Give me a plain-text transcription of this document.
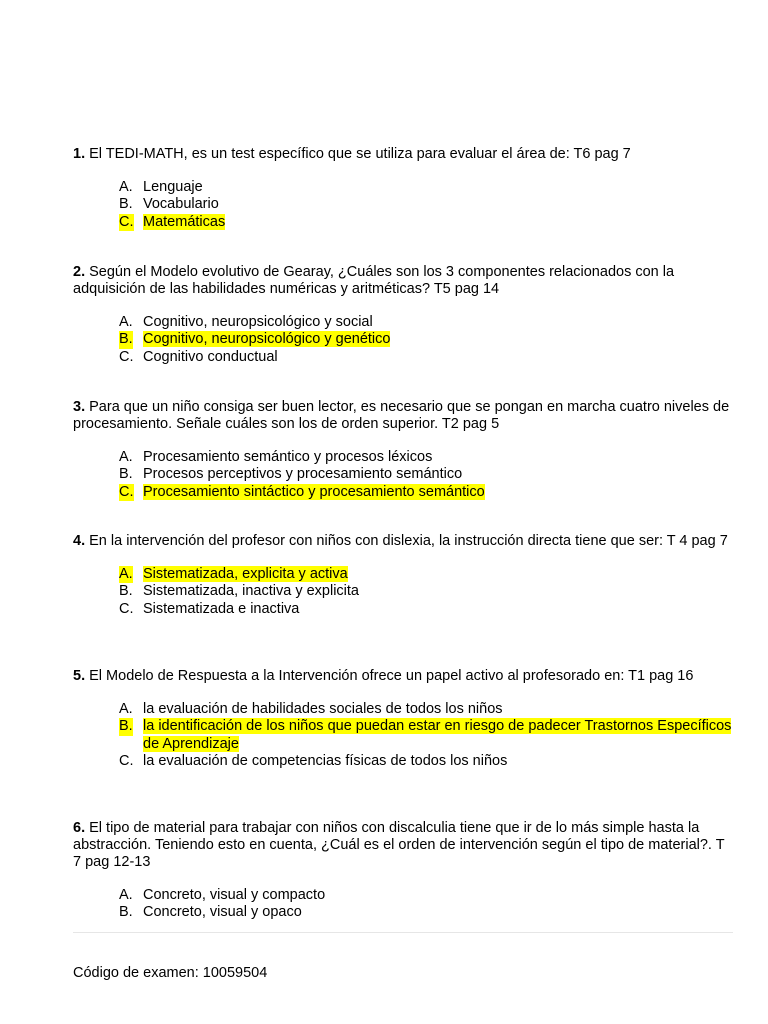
1. El TEDI-MATH, es un test específico que se utiliza para evaluar el área de: T6 pag 7

A. Lenguaje
B. Vocabulario
C. Matemáticas

2. Según el Modelo evolutivo de Gearay, ¿Cuáles son los 3 componentes relacionados con la adquisición de las habilidades numéricas y aritméticas? T5 pag 14

A. Cognitivo, neuropsicológico y social
B. Cognitivo, neuropsicológico y genético
C. Cognitivo conductual

3. Para que un niño consiga ser buen lector, es necesario que se pongan en marcha cuatro niveles de procesamiento. Señale cuáles son los de orden superior. T2 pag 5

A. Procesamiento semántico y procesos léxicos
B. Procesos perceptivos y procesamiento semántico
C. Procesamiento sintáctico y procesamiento semántico

4. En la intervención del profesor con niños con dislexia, la instrucción directa tiene que ser: T 4 pag 7

A. Sistematizada, explicita y activa
B. Sistematizada, inactiva y explicita
C. Sistematizada e inactiva

5. El Modelo de Respuesta a la Intervención ofrece un papel activo al profesorado en: T1 pag 16

A. la evaluación de habilidades sociales de todos los niños
B. la identificación de los niños que puedan estar en riesgo de padecer Trastornos Específicos de Aprendizaje
C. la evaluación de competencias físicas de todos los niños

6. El tipo de material para trabajar con niños con discalculia tiene que ir de lo más simple hasta la abstracción. Teniendo esto en cuenta, ¿Cuál es el orden de intervención según el tipo de material?. T 7 pag 12-13

A. Concreto, visual y compacto
B. Concreto, visual y opaco
Código de examen: 10059504
